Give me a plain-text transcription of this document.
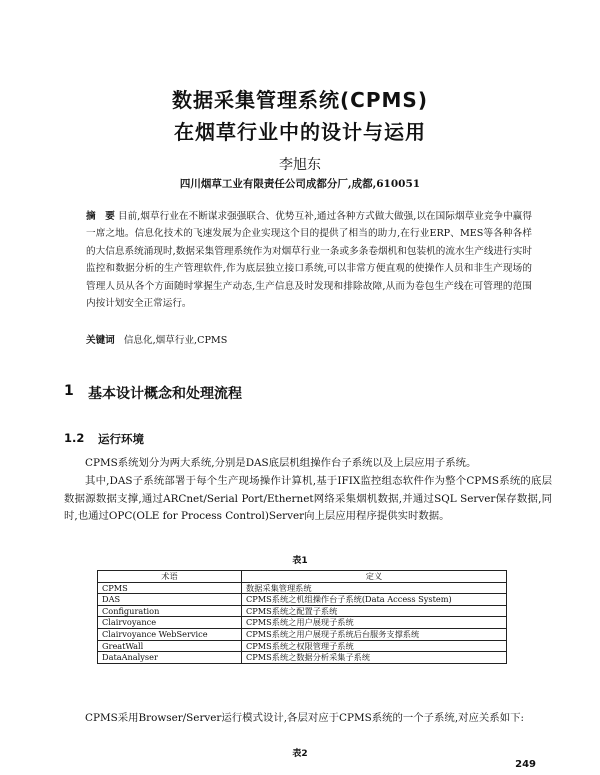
数据采集管理系统(CPMS)
在烟草行业中的设计与运用
李旭东
四川烟草工业有限责任公司成都分厂,成都,610051
摘　要 目前,烟草行业在不断谋求强强联合、优势互补,通过各种方式做大做强,以在国际烟草业竞争中赢得一席之地。信息化技术的飞速发展为企业实现这个目的提供了相当的助力,在行业ERP、MES等各种各样的大信息系统涌现时,数据采集管理系统作为对烟草行业一条或多条卷烟机和包装机的流水生产线进行实时监控和数据分析的生产管理软件,作为底层独立接口系统,可以非常方便直观的使操作人员和非生产现场的管理人员从各个方面随时掌握生产动态,生产信息及时发现和排除故障,从而为卷包生产线在可管理的范围内按计划安全正常运行。
关键词 信息化,烟草行业,CPMS
1 基本设计概念和处理流程
1.2 运行环境

CPMS系统划分为两大系统,分别是DAS底层机组操作台子系统以及上层应用子系统。

其中,DAS子系统部署于每个生产现场操作计算机,基于IFIX监控组态软件作为整个CPMS系统的底层数据源数据支撑,通过ARCnet/Serial Port/Ethernet网络采集烟机数据,并通过SQL Server保存数据,同时,也通过OPC(OLE for Process Control)Server向上层应用程序提供实时数据。

表1
术语	定义
CPMS	数据采集管理系统
DAS	CPMS系统之机组操作台子系统(Data Access System)
Configuration	CPMS系统之配置子系统
Clairvoyance	CPMS系统之用户展现子系统
Clairvoyance WebService	CPMS系统之用户展现子系统后台服务支撑系统
GreatWall	CPMS系统之权限管理子系统
DataAnalyser	CPMS系统之数据分析采集子系统

CPMS采用Browser/Server运行模式设计,各层对应于CPMS系统的一个子系统,对应关系如下:

表2
249
